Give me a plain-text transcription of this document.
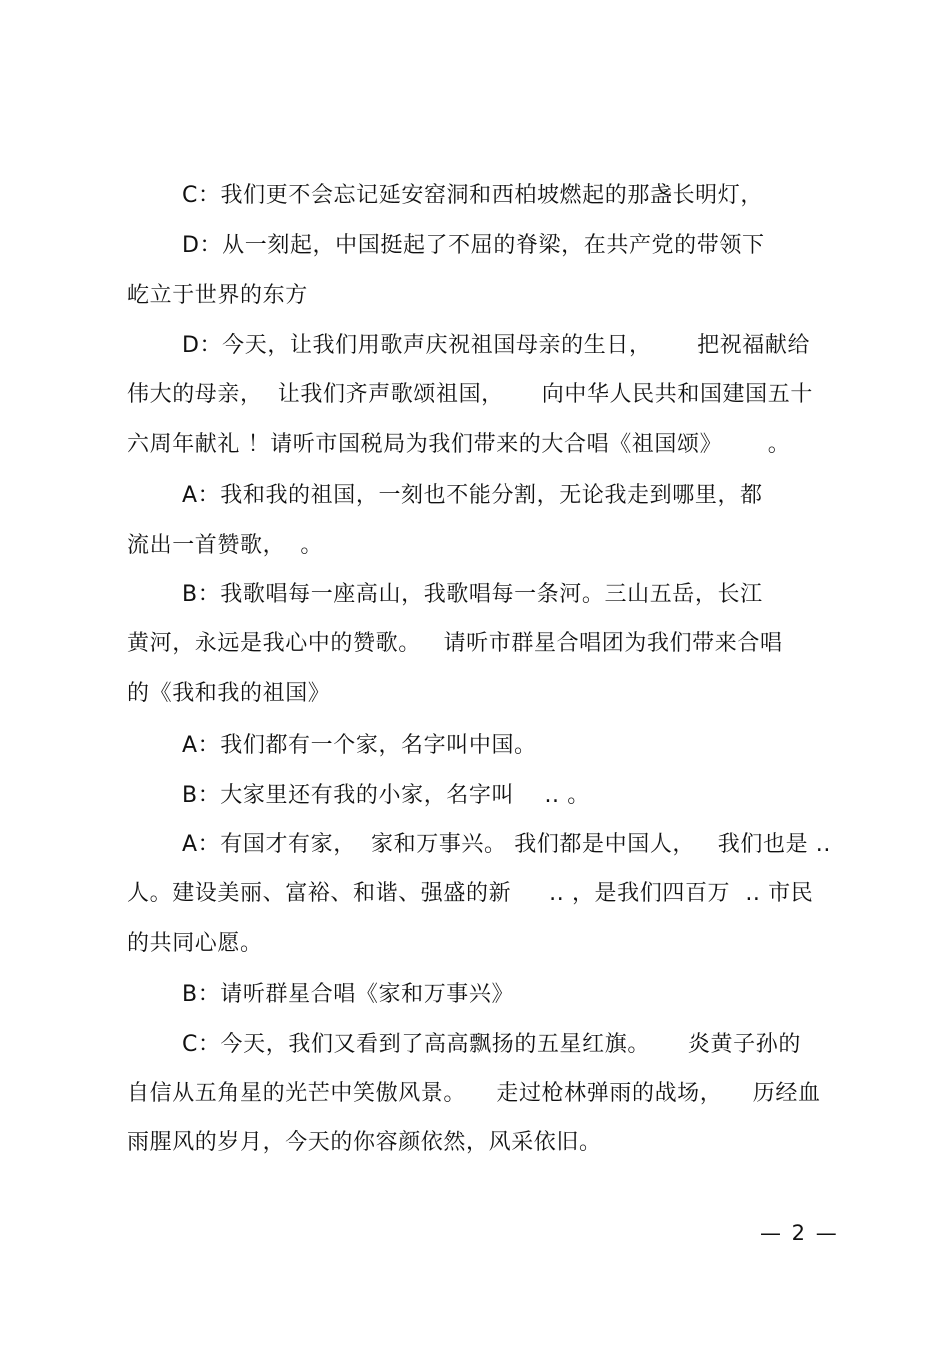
C：我们更不会忘记延安窑洞和西柏坡燃起的那盏长明灯，
D：从一刻起，中国挺起了不屈的脊梁，在共产党的带领下
屹立于世界的东方
D：今天，让我们用歌声庆祝祖国母亲的生日，      把祝福献给
伟大的母亲，  让我们齐声歌颂祖国，     向中华人民共和国建国五十
六周年献礼 ！请听市国税局为我们带来的大合唱《祖国颂》      。
A：我和我的祖国，一刻也不能分割，无论我走到哪里，都
流出一首赞歌，  。
B：我歌唱每一座高山，我歌唱每一条河。三山五岳，长江
黄河，永远是我心中的赞歌。   请听市群星合唱团为我们带来合唱
的《我和我的祖国》
A：我们都有一个家，名字叫中国。
B：大家里还有我的小家，名字叫    .. 。
A：有国才有家，  家和万事兴。 我们都是中国人，   我们也是 ..
人。建设美丽、富裕、和谐、强盛的新     .. ，是我们四百万  .. 市民
的共同心愿。
B：请听群星合唱《家和万事兴》
C：今天，我们又看到了高高飘扬的五星红旗。     炎黄子孙的
自信从五角星的光芒中笑傲风景。    走过枪林弹雨的战场，    历经血
雨腥风的岁月，今天的你容颜依然，风采依旧。
— 2 —
